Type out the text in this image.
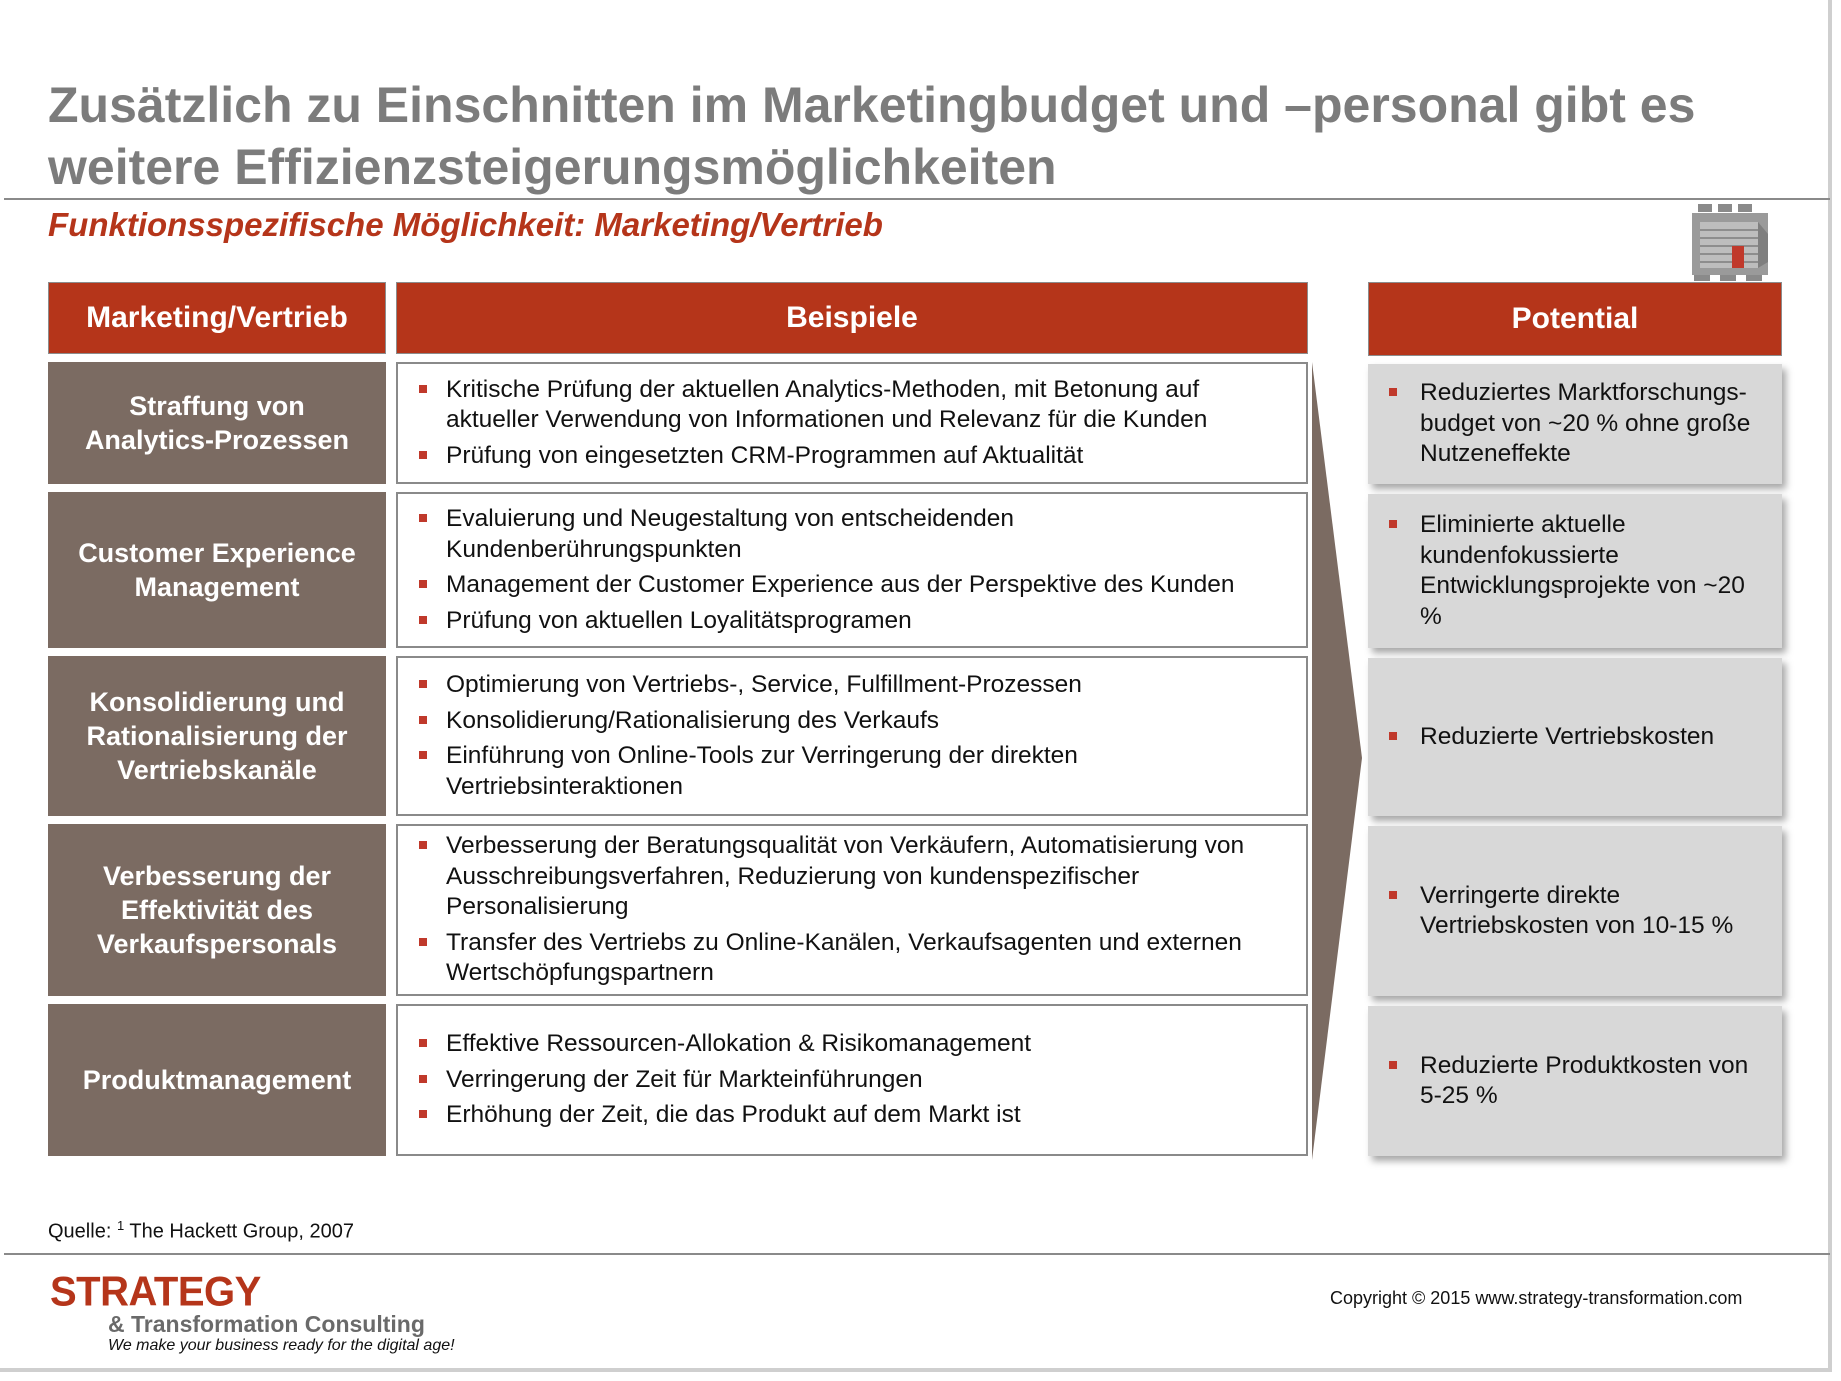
Zusätzlich zu Einschnitten im Marketingbudget und –personal gibt es weitere Effizienzsteigerungsmöglichkeiten
Funktionsspezifische Möglichkeit: Marketing/Vertrieb
Marketing/Vertrieb	Beispiele	Potential
Straffung von Analytics-Prozessen
Kritische Prüfung der aktuellen Analytics-Methoden, mit Betonung auf aktueller Verwendung von Informationen und Relevanz für die Kunden
Prüfung von eingesetzten CRM-Programmen auf Aktualität
Reduziertes Marktforschungs-budget von ~20 % ohne große Nutzeneffekte
Customer Experience Management
Evaluierung und Neugestaltung von entscheidenden Kundenberührungspunkten
Management der Customer Experience aus der Perspektive des Kunden
Prüfung von aktuellen Loyalitätsprogramen
Eliminierte aktuelle kundenfokussierte Entwicklungsprojekte von ~20 %
Konsolidierung und Rationalisierung der Vertriebskanäle
Optimierung von Vertriebs-, Service, Fulfillment-Prozessen
Konsolidierung/Rationalisierung des Verkaufs
Einführung von Online-Tools zur Verringerung der direkten Vertriebsinteraktionen
Reduzierte Vertriebskosten
Verbesserung der Effektivität des Verkaufspersonals
Verbesserung der Beratungsqualität von Verkäufern, Automatisierung von Ausschreibungsverfahren, Reduzierung von kundenspezifischer Personalisierung
Transfer des Vertriebs zu Online-Kanälen, Verkaufsagenten und externen Wertschöpfungspartnern
Verringerte direkte Vertriebskosten von 10-15 %
Produktmanagement
Effektive Ressourcen-Allokation & Risikomanagement
Verringerung der Zeit für Markteinführungen
Erhöhung der Zeit, die das Produkt auf dem Markt ist
Reduzierte Produktkosten von 5-25 %
Quelle: $^1$ The Hackett Group, 2007
STRATEGY
& Transformation Consulting
We make your business ready for the digital age!
Copyright © 2015 www.strategy-transformation.com
